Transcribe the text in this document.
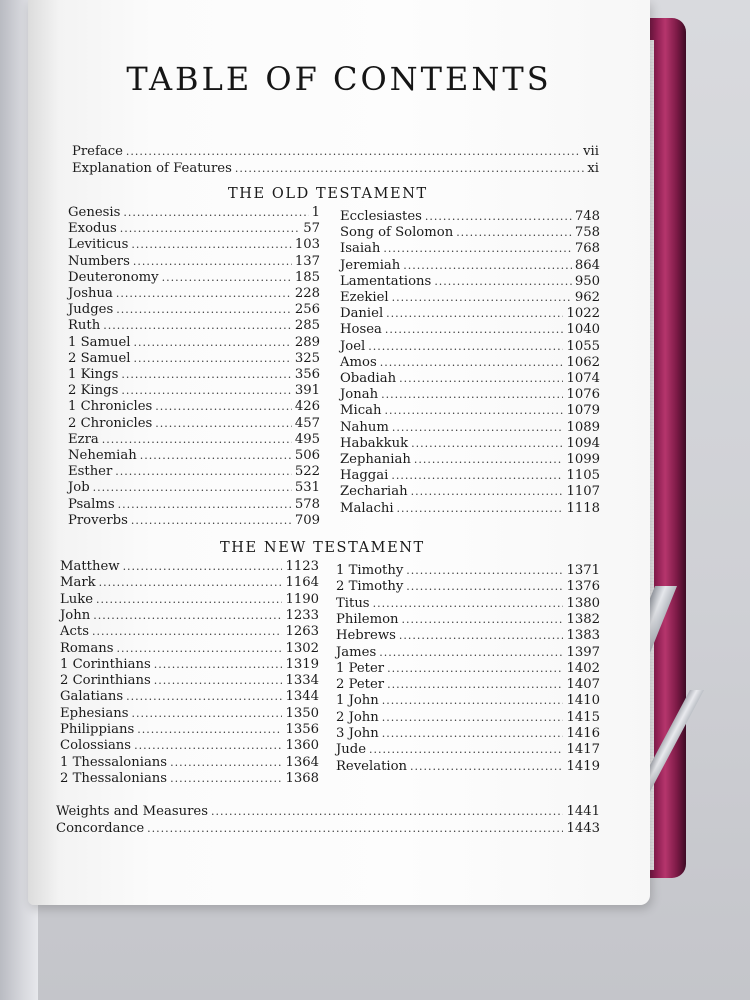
TABLE OF CONTENTS
THE OLD TESTAMENT
THE NEW TESTAMENT
Preface .....	vii
Explanation of Features .....	xi
Genesis .....	1
Exodus .....	57
Leviticus .....	103
Numbers .....	137
Deuteronomy .....	185
Joshua .....	228
Judges .....	256
Ruth .....	285
1 Samuel .....	289
2 Samuel .....	325
1 Kings .....	356
2 Kings .....	391
1 Chronicles .....	426
2 Chronicles .....	457
Ezra .....	495
Nehemiah .....	506
Esther .....	522
Job .....	531
Psalms .....	578
Proverbs .....	709
Ecclesiastes .....	748
Song of Solomon .....	758
Isaiah .....	768
Jeremiah .....	864
Lamentations .....	950
Ezekiel .....	962
Daniel .....	1022
Hosea .....	1040
Joel .....	1055
Amos .....	1062
Obadiah .....	1074
Jonah .....	1076
Micah .....	1079
Nahum .....	1089
Habakkuk .....	1094
Zephaniah .....	1099
Haggai .....	1105
Zechariah .....	1107
Malachi .....	1118
Matthew .....	1123
Mark .....	1164
Luke .....	1190
John .....	1233
Acts .....	1263
Romans .....	1302
1 Corinthians .....	1319
2 Corinthians .....	1334
Galatians .....	1344
Ephesians .....	1350
Philippians .....	1356
Colossians .....	1360
1 Thessalonians .....	1364
2 Thessalonians .....	1368
1 Timothy .....	1371
2 Timothy .....	1376
Titus .....	1380
Philemon .....	1382
Hebrews .....	1383
James .....	1397
1 Peter .....	1402
2 Peter .....	1407
1 John .....	1410
2 John .....	1415
3 John .....	1416
Jude .....	1417
Revelation .....	1419
Weights and Measures .....	1441
Concordance .....	1443
